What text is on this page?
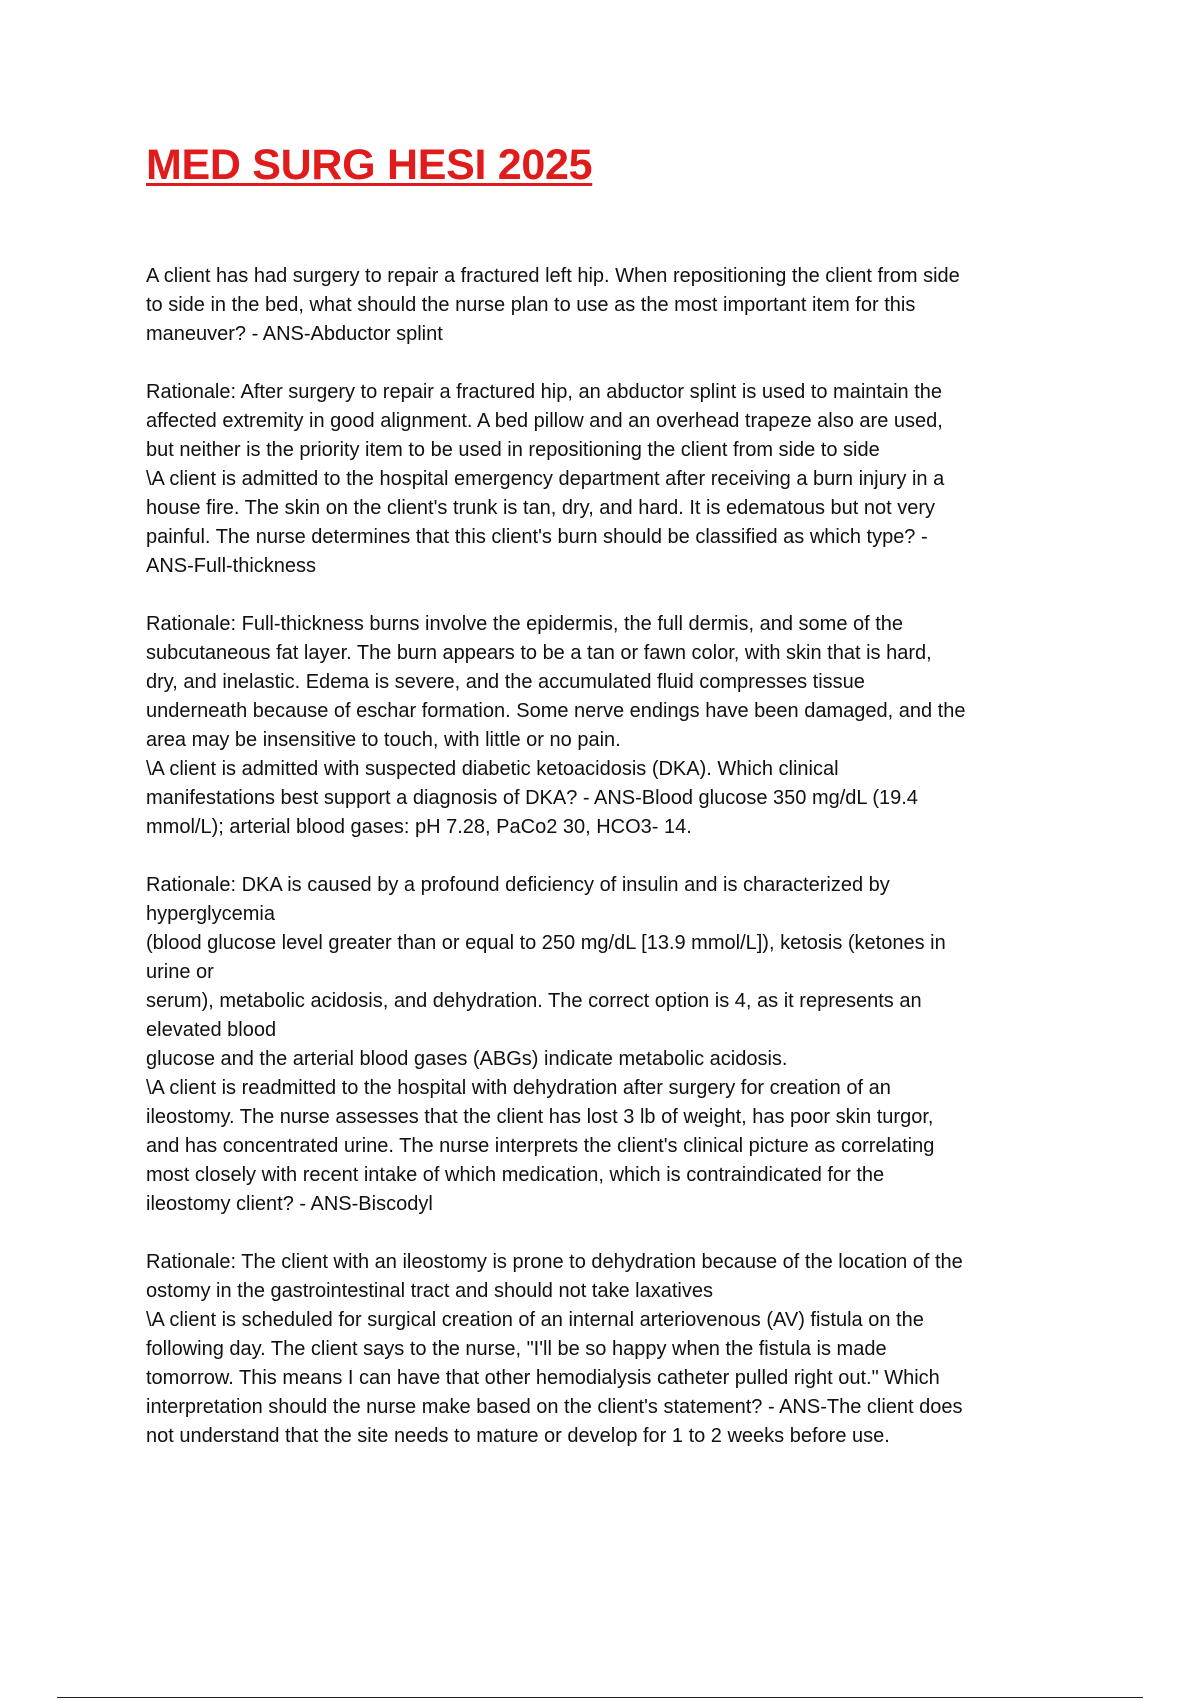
MED SURG HESI 2025

A client has had surgery to repair a fractured left hip. When repositioning the client from side
to side in the bed, what should the nurse plan to use as the most important item for this
maneuver? - ANS-Abductor splint

Rationale: After surgery to repair a fractured hip, an abductor splint is used to maintain the
affected extremity in good alignment. A bed pillow and an overhead trapeze also are used,
but neither is the priority item to be used in repositioning the client from side to side
\A client is admitted to the hospital emergency department after receiving a burn injury in a
house fire. The skin on the client's trunk is tan, dry, and hard. It is edematous but not very
painful. The nurse determines that this client's burn should be classified as which type? -
ANS-Full-thickness

Rationale: Full-thickness burns involve the epidermis, the full dermis, and some of the
subcutaneous fat layer. The burn appears to be a tan or fawn color, with skin that is hard,
dry, and inelastic. Edema is severe, and the accumulated fluid compresses tissue
underneath because of eschar formation. Some nerve endings have been damaged, and the
area may be insensitive to touch, with little or no pain.
\A client is admitted with suspected diabetic ketoacidosis (DKA). Which clinical
manifestations best support a diagnosis of DKA? - ANS-Blood glucose 350 mg/dL (19.4
mmol/L); arterial blood gases: pH 7.28, PaCo2 30, HCO3- 14.

Rationale: DKA is caused by a profound deficiency of insulin and is characterized by
hyperglycemia
(blood glucose level greater than or equal to 250 mg/dL [13.9 mmol/L]), ketosis (ketones in
urine or
serum), metabolic acidosis, and dehydration. The correct option is 4, as it represents an
elevated blood
glucose and the arterial blood gases (ABGs) indicate metabolic acidosis.
\A client is readmitted to the hospital with dehydration after surgery for creation of an
ileostomy. The nurse assesses that the client has lost 3 lb of weight, has poor skin turgor,
and has concentrated urine. The nurse interprets the client's clinical picture as correlating
most closely with recent intake of which medication, which is contraindicated for the
ileostomy client? - ANS-Biscodyl

Rationale: The client with an ileostomy is prone to dehydration because of the location of the
ostomy in the gastrointestinal tract and should not take laxatives
\A client is scheduled for surgical creation of an internal arteriovenous (AV) fistula on the
following day. The client says to the nurse, "I'll be so happy when the fistula is made
tomorrow. This means I can have that other hemodialysis catheter pulled right out." Which
interpretation should the nurse make based on the client's statement? - ANS-The client does
not understand that the site needs to mature or develop for 1 to 2 weeks before use.
